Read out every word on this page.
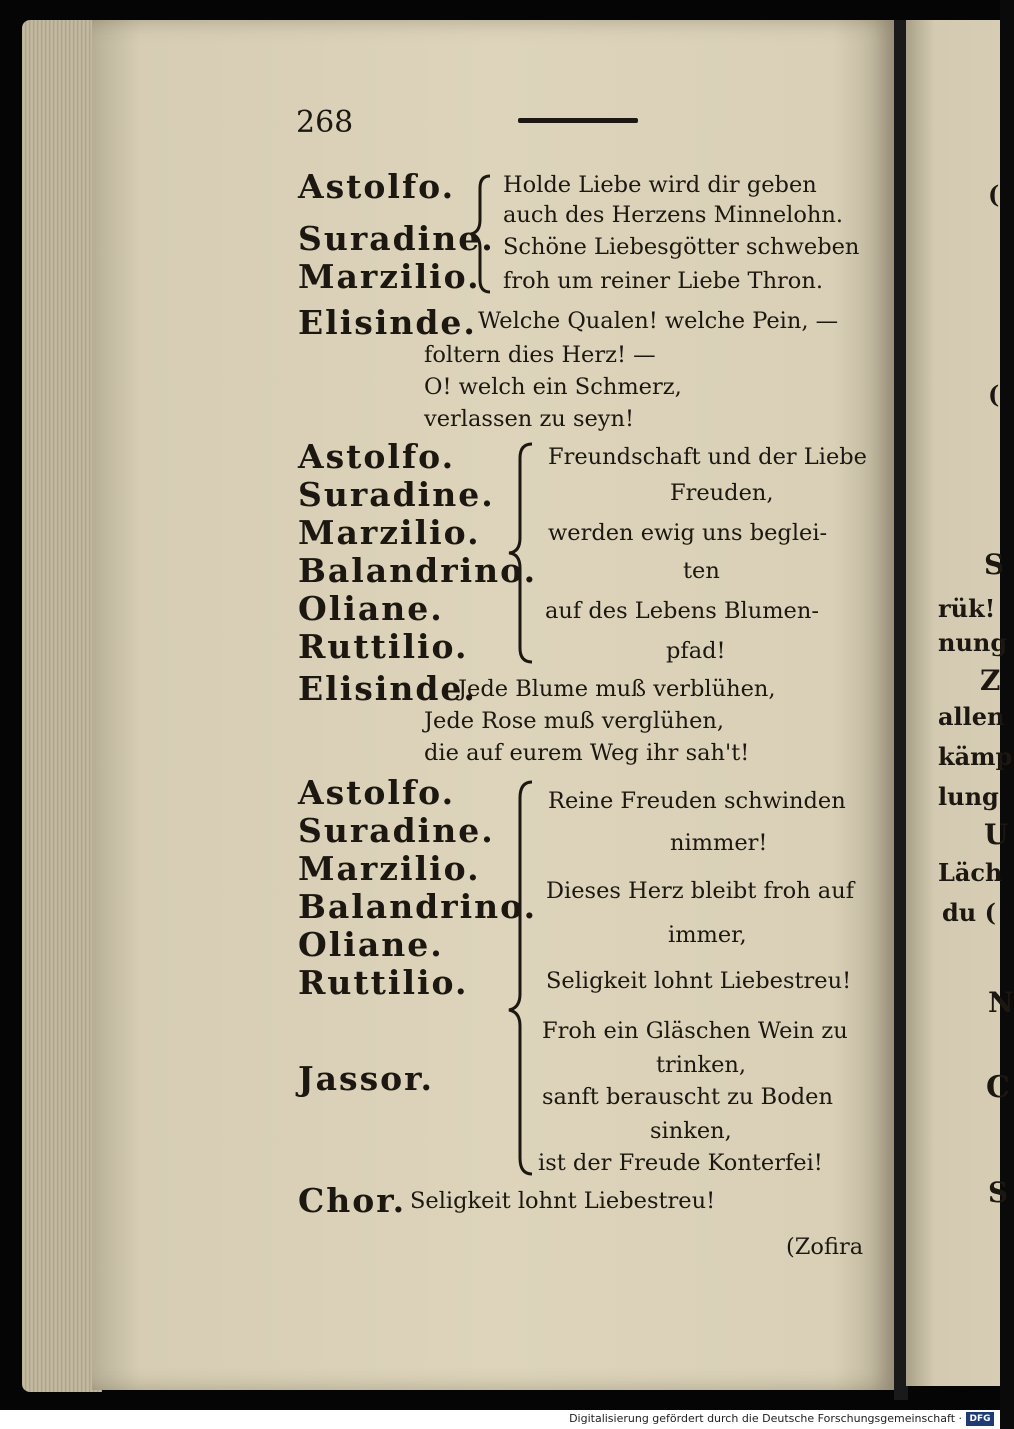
268
Astolfo.
Suradine.
Marzilio.
Holde Liebe wird dir geben
auch des Herzens Minnelohn.
Schöne Liebesgötter schweben
froh um reiner Liebe Thron.
Elisinde. Welche Qualen! welche Pein, —
foltern dies Herz! —
O! welch ein Schmerz,
verlassen zu seyn!
Astolfo.
Suradine.
Marzilio.
Balandrino.
Oliane.
Ruttilio.
Freundschaft und der Liebe
Freuden,
werden ewig uns beglei-
ten
auf des Lebens Blumen-
pfad!
Elisinde.
Jede Blume muß verblühen,
Jede Rose muß verglühen,
die auf eurem Weg ihr sah't!
Astolfo.
Suradine.
Marzilio.
Balandrino.
Oliane.
Ruttilio.
Jassor.
Reine Freuden schwinden
nimmer!
Dieses Herz bleibt froh auf
immer,
Seligkeit lohnt Liebestreu!
Froh ein Gläschen Wein zu
trinken,
sanft berauscht zu Boden
sinken,
ist der Freude Konterfei!
Chor. Seligkeit lohnt Liebestreu!
(Zofira
(
(
S
rük!
nung
Z
allen
kämp
lung
U
Läch
du (
N
C
S
Digitalisierung gefördert durch die Deutsche Forschungsgemeinschaft · DFG
